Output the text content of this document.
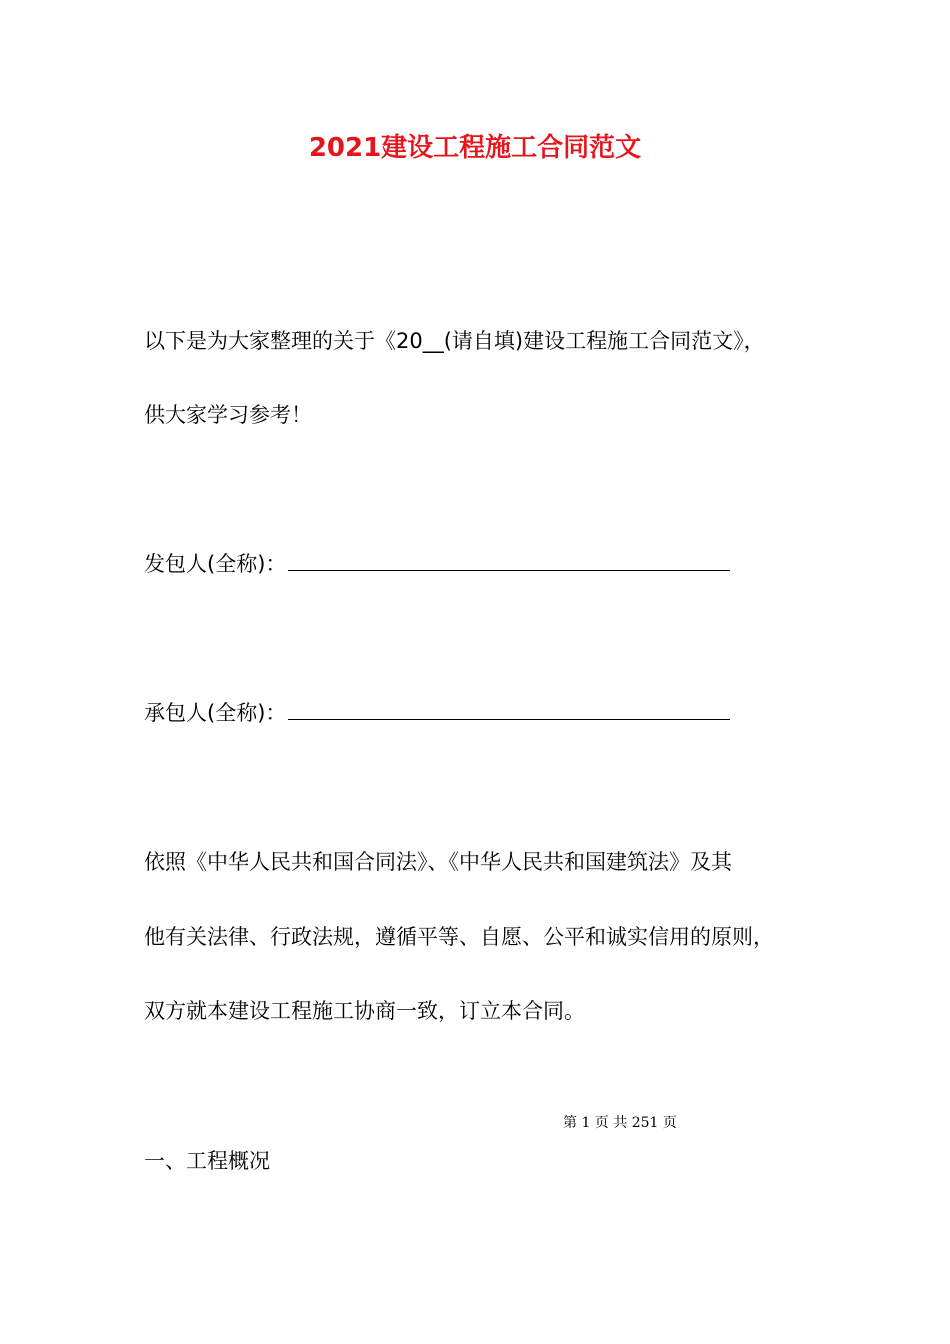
2021建设工程施工合同范文
以下是为大家整理的关于《20__(请自填)建设工程施工合同范文》，
供大家学习参考！
发包人(全称)：
承包人(全称)：
依照《中华人民共和国合同法》、《中华人民共和国建筑法》及其
他有关法律、行政法规，遵循平等、自愿、公平和诚实信用的原则，
双方就本建设工程施工协商一致，订立本合同。
第 1 页 共 251 页
一、工程概况
